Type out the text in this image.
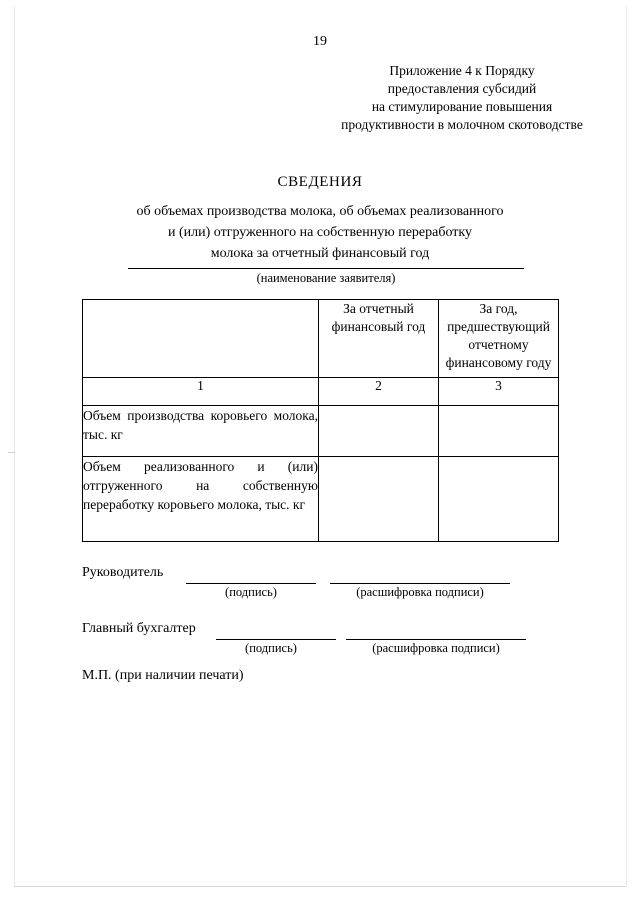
19
Приложение 4 к Порядку
предоставления субсидий
на стимулирование повышения
продуктивности в молочном скотоводстве
СВЕДЕНИЯ
об объемах производства молока, об объемах реализованного
и (или) отгруженного на собственную переработку
молока за отчетный финансовый год
(наименование заявителя)
	За отчетный финансовый год	За год, предшествующий отчетному финансовому году
1	2	3
Объем производства коровьего молока, тыс. кг		
Объем реализованного и (или) отгруженного на собственную переработку коровьего молока, тыс. кг		
Руководитель
(подпись)	(расшифровка подписи)
Главный бухгалтер
(подпись)	(расшифровка подписи)
М.П. (при наличии печати)
